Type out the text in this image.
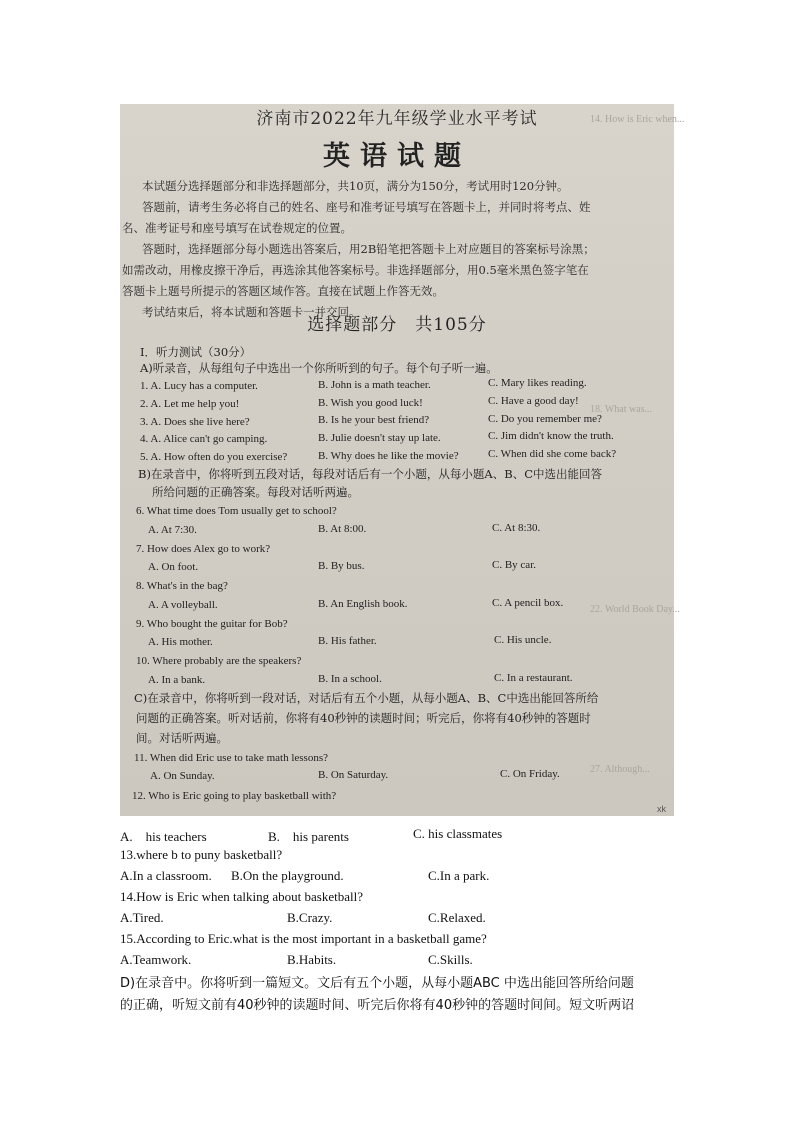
14. How is Eric when...
18. What was...
22. World Book Day...
27. Although...
济南市2022年九年级学业水平考试
英语试题
本试题分选择题部分和非选择题部分，共10页，满分为150分，考试用时120分钟。
答题前，请考生务必将自己的姓名、座号和准考证号填写在答题卡上，并同时将考点、姓
名、准考证号和座号填写在试卷规定的位置。
答题时，选择题部分每小题选出答案后，用2B铅笔把答题卡上对应题目的答案标号涂黑；
如需改动，用橡皮擦干净后，再选涂其他答案标号。非选择题部分，用0.5毫米黑色签字笔在
答题卡上题号所提示的答题区域作答。直接在试题上作答无效。
考试结束后，将本试题和答题卡一并交回。
选择题部分　共105分
I．听力测试（30分）
A)听录音，从每组句子中选出一个你所听到的句子。每个句子听一遍。
1. A. Lucy has a computer.	B. John is a math teacher.	C. Mary likes reading.
2. A. Let me help you!	B. Wish you good luck!	C. Have a good day!
3. A. Does she live here?	B. Is he your best friend?	C. Do you remember me?
4. A. Alice can't go camping.	B. Julie doesn't stay up late.	C. Jim didn't know the truth.
5. A. How often do you exercise?	B. Why does he like the movie?	C. When did she come back?
B)在录音中，你将听到五段对话，每段对话后有一个小题，从每小题A、B、C中选出能回答
所给问题的正确答案。每段对话听两遍。
6. What time does Tom usually get to school?
A. At 7:30.	B. At 8:00.	C. At 8:30.
7. How does Alex go to work?
A. On foot.	B. By bus.	C. By car.
8. What's in the bag?
A. A volleyball.	B. An English book.	C. A pencil box.
9. Who bought the guitar for Bob?
A. His mother.	B. His father.	C. His uncle.
10. Where probably are the speakers?
A. In a bank.	B. In a school.	C. In a restaurant.
C)在录音中，你将听到一段对话，对话后有五个小题，从每小题A、B、C中选出能回答所给
问题的正确答案。听对话前，你将有40秒钟的读题时间；听完后，你将有40秒钟的答题时
间。对话听两遍。
11. When did Eric use to take math lessons?
A. On Sunday.	B. On Saturday.	C. On Friday.
12. Who is Eric going to play basketball with?
xk
A.　his teachers	B.　his parents	C. his classmates
13.where b to puny basketball?
A.In a classroom. B.On the playground.	C.In a park.
14.How is Eric when talking about basketball?
A.Tired.	B.Crazy.	C.Relaxed.
15.According to Eric.what is the most important in a basketball game?
A.Teamwork.	B.Habits.	C.Skills.
D)在录音中。你将听到一篇短文。文后有五个小题，从每小题ABC 中选出能回答所给问题
的正确，听短文前有40秒钟的读题时间、听完后你将有40秒钟的答题时间间。短文听两诏
